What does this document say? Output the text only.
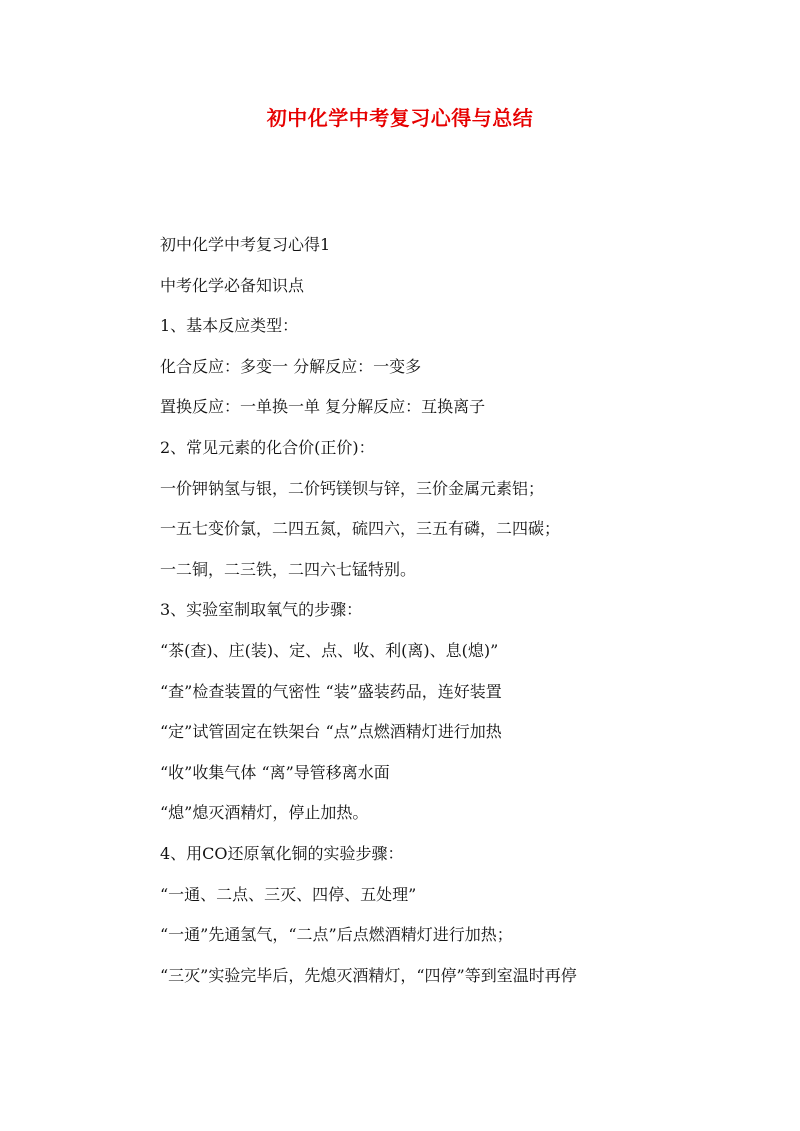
初中化学中考复习心得与总结
初中化学中考复习心得1
中考化学必备知识点
1、基本反应类型：
化合反应：多变一 分解反应：一变多
置换反应：一单换一单 复分解反应：互换离子
2、常见元素的化合价(正价)：
一价钾钠氢与银，二价钙镁钡与锌，三价金属元素铝；
一五七变价氯，二四五氮，硫四六，三五有磷，二四碳；
一二铜，二三铁，二四六七锰特别。
3、实验室制取氧气的步骤：
“茶(查)、庄(装)、定、点、收、利(离)、息(熄)”
“查”检查装置的气密性 “装”盛装药品，连好装置
“定”试管固定在铁架台 “点”点燃酒精灯进行加热
“收”收集气体 “离”导管移离水面
“熄”熄灭酒精灯，停止加热。
4、用CO还原氧化铜的实验步骤：
“一通、二点、三灭、四停、五处理”
“一通”先通氢气，“二点”后点燃酒精灯进行加热；
“三灭”实验完毕后，先熄灭酒精灯，“四停”等到室温时再停
